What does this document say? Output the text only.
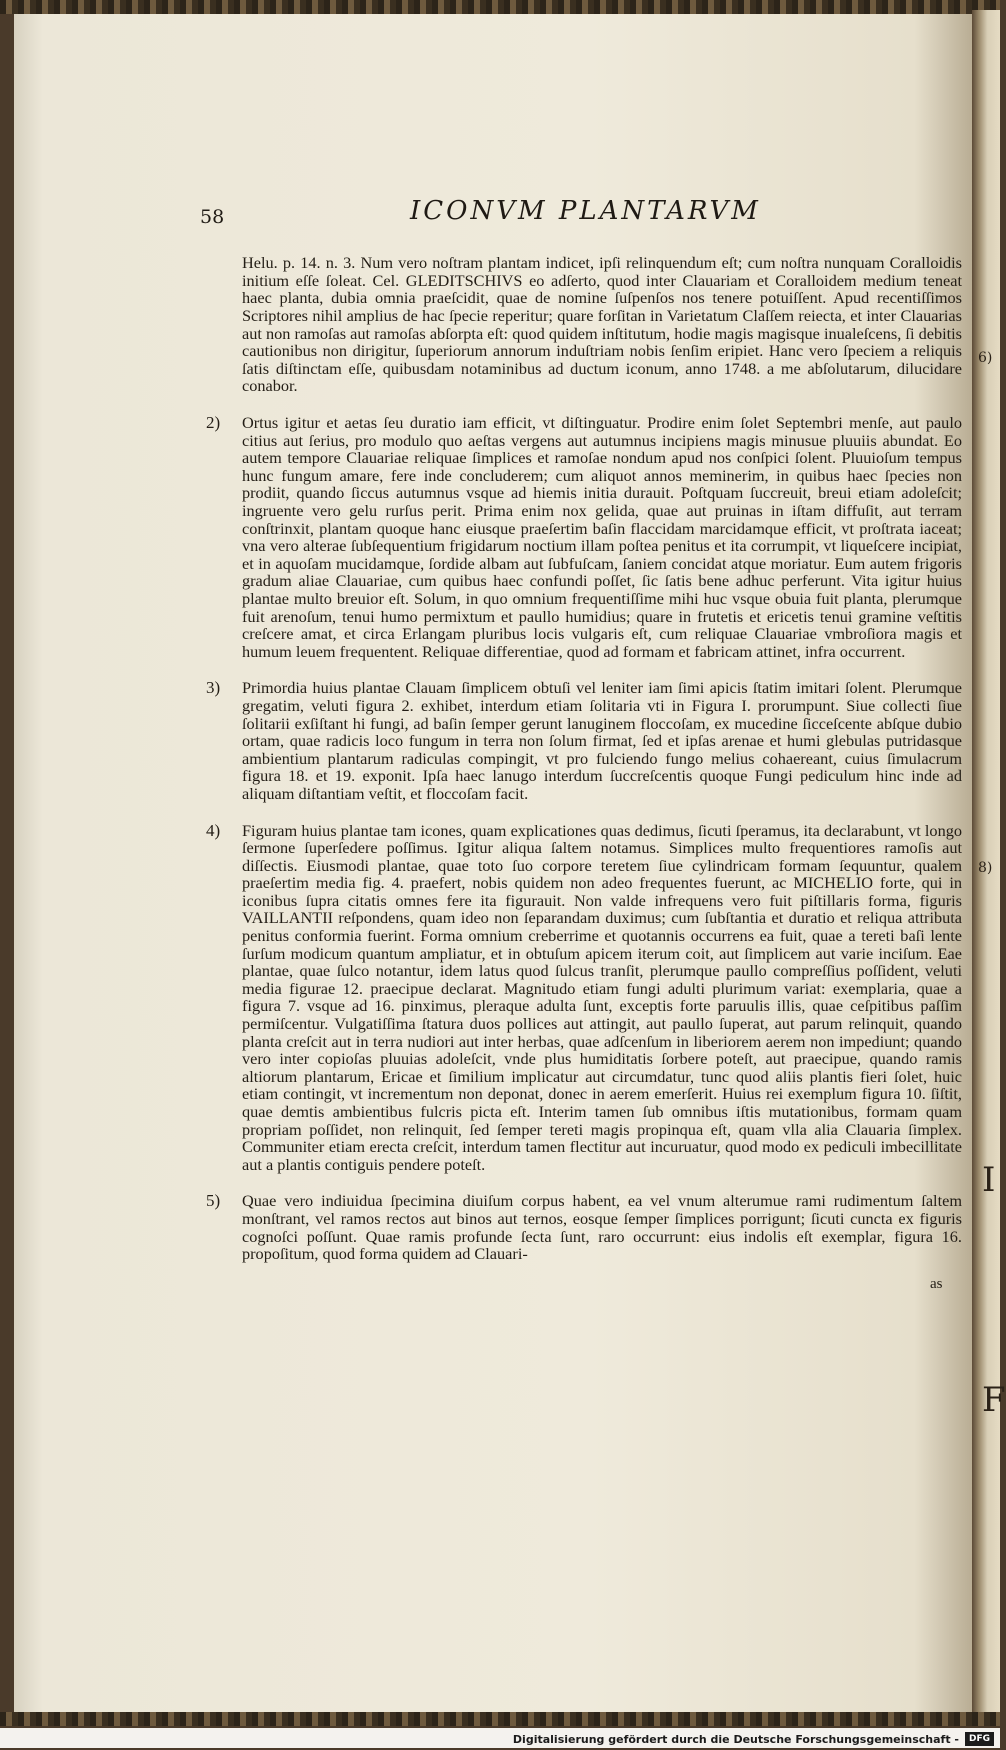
6)
8)
I
F
58	ICONVM PLANTARVM

Helu. p. 14. n. 3. Num vero noſtram plantam indicet, ipſi relinquendum eſt; cum noſtra nunquam Coralloidis initium eſſe ſoleat. Cel. GLEDITSCHIVS eo adſerto, quod inter Clauariam et Coralloidem medium teneat haec planta, dubia omnia praeſcidit, quae de nomine ſuſpenſos nos tenere potuiſſent. Apud recentiſſimos Scriptores nihil amplius de hac ſpecie reperitur; quare forſitan in Varietatum Claſſem reiecta, et inter Clauarias aut non ramoſas aut ramoſas abſorpta eſt: quod quidem inſtitutum, hodie magis magisque inualeſcens, ſi debitis cautionibus non dirigitur, ſuperiorum annorum induſtriam nobis ſenſim eripiet. Hanc vero ſpeciem a reliquis ſatis diſtinctam eſſe, quibusdam notaminibus ad ductum iconum, anno 1748. a me abſolutarum, dilucidare conabor.

2) Ortus igitur et aetas ſeu duratio iam efficit, vt diſtinguatur. Prodire enim ſolet Septembri menſe, aut paulo citius aut ſerius, pro modulo quo aeſtas vergens aut autumnus incipiens magis minusue pluuiis abundat. Eo autem tempore Clauariae reliquae ſimplices et ramoſae nondum apud nos conſpici ſolent. Pluuioſum tempus hunc fungum amare, fere inde concluderem; cum aliquot annos meminerim, in quibus haec ſpecies non prodiit, quando ſiccus autumnus vsque ad hiemis initia durauit. Poſtquam ſuccreuit, breui etiam adoleſcit; ingruente vero gelu rurſus perit. Prima enim nox gelida, quae aut pruinas in iſtam diffuſit, aut terram conſtrinxit, plantam quoque hanc eiusque praeſertim baſin flaccidam marcidamque efficit, vt proſtrata iaceat; vna vero alterae ſubſequentium frigidarum noctium illam poſtea penitus et ita corrumpit, vt liqueſcere incipiat, et in aquoſam mucidamque, ſordide albam aut ſubfuſcam, ſaniem concidat atque moriatur. Eum autem frigoris gradum aliae Clauariae, cum quibus haec confundi poſſet, ſic ſatis bene adhuc perferunt. Vita igitur huius plantae multo breuior eſt. Solum, in quo omnium frequentiſſime mihi huc vsque obuia fuit planta, plerumque fuit arenoſum, tenui humo permixtum et paullo humidius; quare in frutetis et ericetis tenui gramine veſtitis creſcere amat, et circa Erlangam pluribus locis vulgaris eſt, cum reliquae Clauariae vmbroſiora magis et humum leuem frequentent. Reliquae differentiae, quod ad formam et fabricam attinet, infra occurrent.
3) Primordia huius plantae Clauam ſimplicem obtuſi vel leniter iam ſimi apicis ſtatim imitari ſolent. Plerumque gregatim, veluti figura 2. exhibet, interdum etiam ſolitaria vti in Figura I. prorumpunt. Siue collecti ſiue ſolitarii exſiſtant hi fungi, ad baſin ſemper gerunt lanuginem floccoſam, ex mucedine ſicceſcente abſque dubio ortam, quae radicis loco fungum in terra non ſolum firmat, ſed et ipſas arenae et humi glebulas putridasque ambientium plantarum radiculas compingit, vt pro fulciendo fungo melius cohaereant, cuius ſimulacrum figura 18. et 19. exponit. Ipſa haec lanugo interdum ſuccreſcentis quoque Fungi pediculum hinc inde ad aliquam diſtantiam veſtit, et floccoſam facit.
4) Figuram huius plantae tam icones, quam explicationes quas dedimus, ſicuti ſperamus, ita declarabunt, vt longo ſermone ſuperſedere poſſimus. Igitur aliqua ſaltem notamus. Simplices multo frequentiores ramoſis aut diſſectis. Eiusmodi plantae, quae toto ſuo corpore teretem ſiue cylindricam formam ſequuntur, qualem praeſertim media fig. 4. praefert, nobis quidem non adeo frequentes fuerunt, ac MICHELIO forte, qui in iconibus ſupra citatis omnes fere ita figurauit. Non valde infrequens vero fuit piſtillaris forma, figuris VAILLANTII reſpondens, quam ideo non ſeparandam duximus; cum ſubſtantia et duratio et reliqua attributa penitus conformia fuerint. Forma omnium creberrime et quotannis occurrens ea fuit, quae a tereti baſi lente ſurſum modicum quantum ampliatur, et in obtuſum apicem iterum coit, aut ſimplicem aut varie inciſum. Eae plantae, quae ſulco notantur, idem latus quod ſulcus tranſit, plerumque paullo compreſſius poſſident, veluti media figurae 12. praecipue declarat. Magnitudo etiam fungi adulti plurimum variat: exemplaria, quae a figura 7. vsque ad 16. pinximus, pleraque adulta ſunt, exceptis forte paruulis illis, quae ceſpitibus paſſim permiſcentur. Vulgatiſſima ſtatura duos pollices aut attingit, aut paullo ſuperat, aut parum relinquit, quando planta creſcit aut in terra nudiori aut inter herbas, quae adſcenſum in liberiorem aerem non impediunt; quando vero inter copioſas pluuias adoleſcit, vnde plus humiditatis ſorbere poteſt, aut praecipue, quando ramis altiorum plantarum, Ericae et ſimilium implicatur aut circumdatur, tunc quod aliis plantis fieri ſolet, huic etiam contingit, vt incrementum non deponat, donec in aerem emerſerit. Huius rei exemplum figura 10. ſiſtit, quae demtis ambientibus fulcris picta eſt. Interim tamen ſub omnibus iſtis mutationibus, formam quam propriam poſſidet, non relinquit, ſed ſemper tereti magis propinqua eſt, quam vlla alia Clauaria ſimplex. Communiter etiam erecta creſcit, interdum tamen flectitur aut incuruatur, quod modo ex pediculi imbecillitate aut a plantis contiguis pendere poteſt.
5) Quae vero indiuidua ſpecimina diuiſum corpus habent, ea vel vnum alterumue rami rudimentum ſaltem monſtrant, vel ramos rectos aut binos aut ternos, eosque ſemper ſimplices porrigunt; ſicuti cuncta ex figuris cognoſci poſſunt. Quae ramis profunde ſecta ſunt, raro occurrunt: eius indolis eſt exemplar, figura 16. propoſitum, quod forma quidem ad Clauari-
as
Digitalisierung gefördert durch die Deutsche Forschungsgemeinschaft - DFG
